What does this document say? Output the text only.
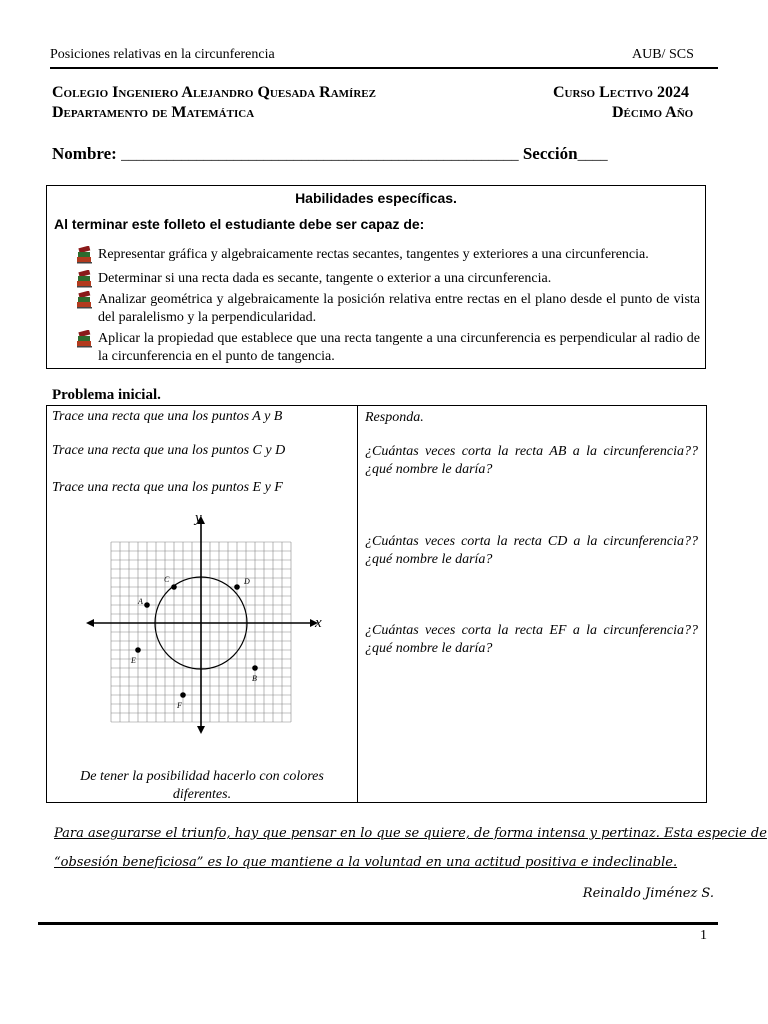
Posiciones relativas en la circunferencia	AUB/ SCS
Colegio Ingeniero Alejandro Quesada Ramírez
Departamento de Matemática
Curso Lectivo 2024
Décimo Año
Nombre: _____________________________________________________ Sección____
Habilidades específicas.
Al terminar este folleto el estudiante debe ser capaz de:
Representar gráfica y algebraicamente rectas secantes, tangentes y exteriores a una circunferencia.
Determinar si una recta dada es secante, tangente o exterior a una circunferencia.
Analizar geométrica y algebraicamente la posición relativa entre rectas en el plano desde el punto de vista del paralelismo y la perpendicularidad.
Aplicar la propiedad que establece que una recta tangente a una circunferencia es perpendicular al radio de la circunferencia en el punto de tangencia.
Problema inicial.
Trace una recta que una los puntos A y B
Trace una recta que una los puntos C y D
Trace una recta que una los puntos E y F
x
y
A
B
C	D
E
F
De tener la posibilidad hacerlo con colores diferentes.
Responda.
¿Cuántas veces corta la recta AB a la circunferencia?? ¿qué nombre le daría?
¿Cuántas veces corta la recta CD a la circunferencia?? ¿qué nombre le daría?
¿Cuántas veces corta la recta EF a la circunferencia?? ¿qué nombre le daría?
Para asegurarse el triunfo, hay que pensar en lo que se quiere, de forma intensa y pertinaz. Esta especie de
“obsesión beneficiosa” es lo que mantiene a la voluntad en una actitud positiva e indeclinable.
Reinaldo Jiménez S.
1
